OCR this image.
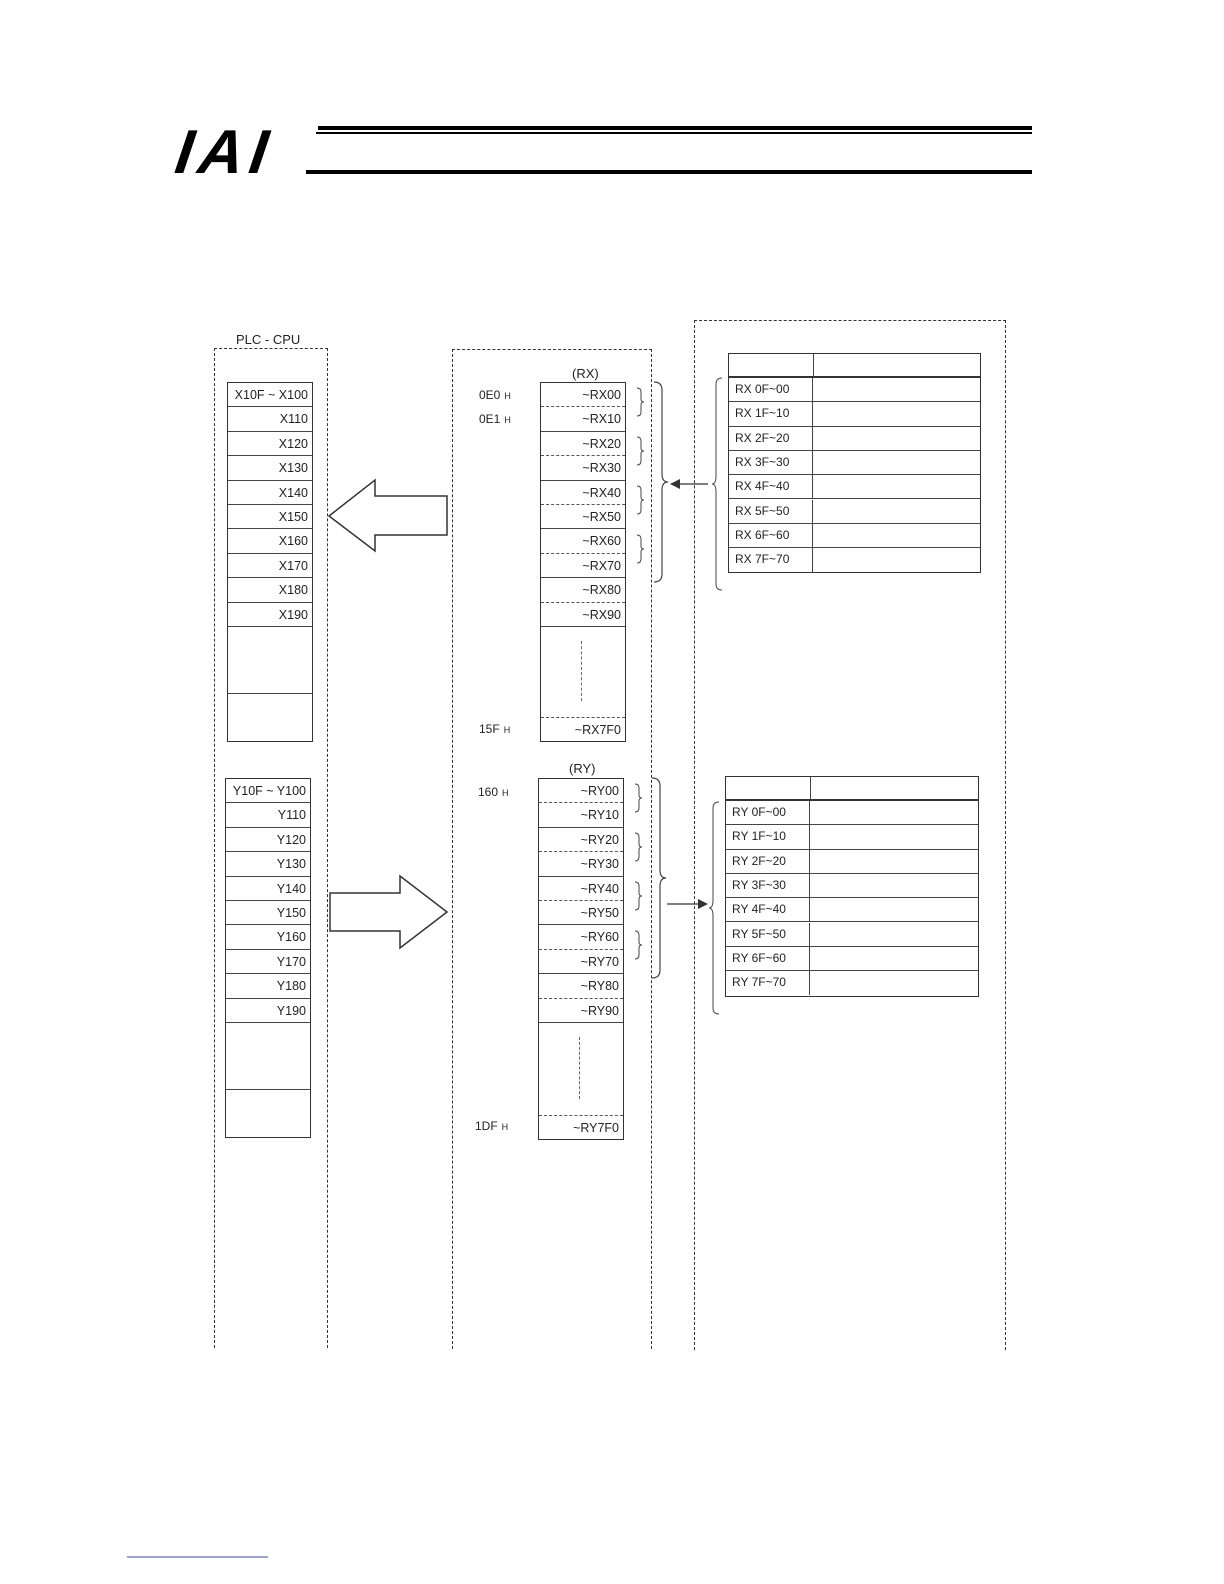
IAI
PLC - CPU
X10F ~ X100
X110
X120
X130
X140
X150
X160
X170
X180
X190
Y10F ~ Y100
Y110
Y120
Y130
Y140
Y150
Y160
Y170
Y180
Y190
(RX)
~RX00
~RX10
~RX20
~RX30
~RX40
~RX50
~RX60
~RX70
~RX80
~RX90
~RX7F0
0E0 H
0E1 H
15F H
(RY)
~RY00
~RY10
~RY20
~RY30
~RY40
~RY50
~RY60
~RY70
~RY80
~RY90
~RY7F0
160 H
1DF H
RX 0F~00
RX 1F~10
RX 2F~20
RX 3F~30
RX 4F~40
RX 5F~50
RX 6F~60
RX 7F~70
RY 0F~00
RY 1F~10
RY 2F~20
RY 3F~30
RY 4F~40
RY 5F~50
RY 6F~60
RY 7F~70
